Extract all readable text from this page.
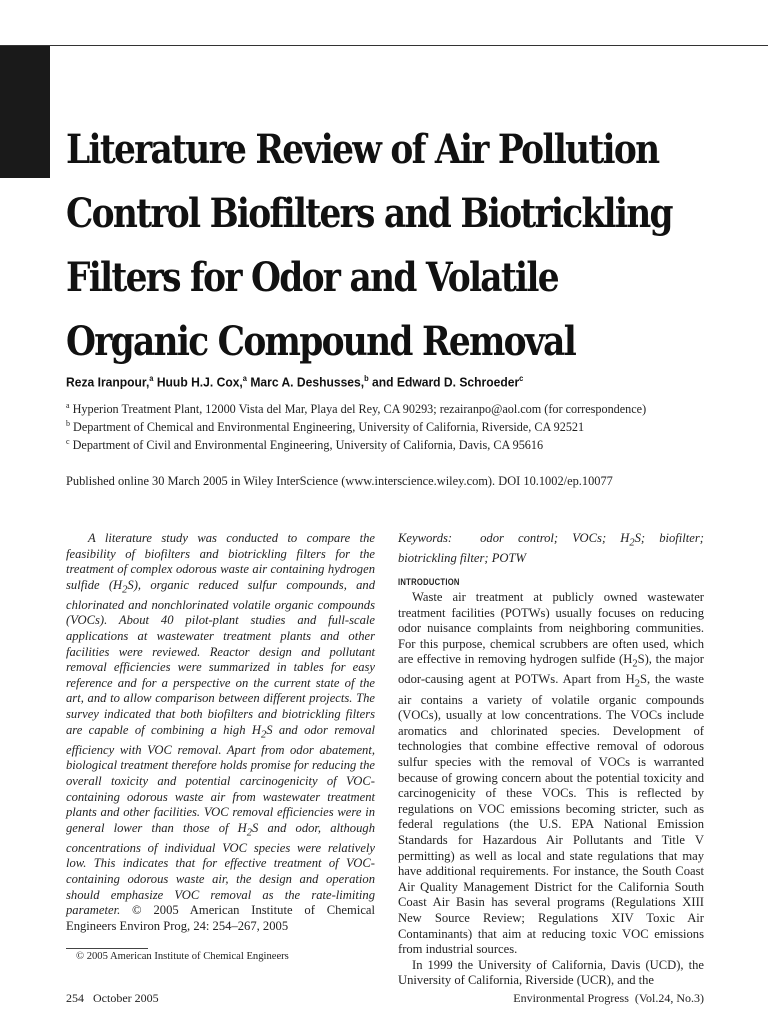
Literature Review of Air Pollution
Control Biofilters and Biotrickling
Filters for Odor and Volatile
Organic Compound Removal
Reza Iranpour,$^a$ Huub H.J. Cox,$^a$ Marc A. Deshusses,$^b$ and Edward D. Schroeder$^c$
$^a$ Hyperion Treatment Plant, 12000 Vista del Mar, Playa del Rey, CA 90293; rezairanpo@aol.com (for correspondence)
$^b$ Department of Chemical and Environmental Engineering, University of California, Riverside, CA 92521
$^c$ Department of Civil and Environmental Engineering, University of California, Davis, CA 95616
Published online 30 March 2005 in Wiley InterScience (www.interscience.wiley.com). DOI 10.1002/ep.10077

A literature study was conducted to compare the feasibility of biofilters and biotrickling filters for the treatment of complex odorous waste air containing hydrogen sulfide $(H_2S)$, organic reduced sulfur compounds, and chlorinated and nonchlorinated volatile organic compounds (VOCs). About 40 pilot-plant studies and full-scale applications at wastewater treatment plants and other facilities were reviewed. Reactor design and pollutant removal efficiencies were summarized in tables for easy reference and for a perspective on the current state of the art, and to allow comparison between different projects. The survey indicated that both biofilters and biotrickling filters are capable of combining a high $H_2S$ and odor removal efficiency with VOC removal. Apart from odor abatement, biological treatment therefore holds promise for reducing the overall toxicity and potential carcinogenicity of VOC-containing odorous waste air from wastewater treatment plants and other facilities. VOC removal efficiencies were in general lower than those of $H_2S$ and odor, although concentrations of individual VOC species were relatively low. This indicates that for effective treatment of VOC-containing odorous waste air, the design and operation should emphasize VOC removal as the rate-limiting parameter. © 2005 American Institute of Chemical Engineers Environ Prog, 24: 254–267, 2005

© 2005 American Institute of Chemical Engineers
Keywords: odor control; VOCs; $H_2S$; biofilter; biotrickling filter; POTW
INTRODUCTION

Waste air treatment at publicly owned wastewater treatment facilities (POTWs) usually focuses on reducing odor nuisance complaints from neighboring communities. For this purpose, chemical scrubbers are often used, which are effective in removing hydrogen sulfide $(H_2S)$, the major odor-causing agent at POTWs. Apart from $H_2S$, the waste air contains a variety of volatile organic compounds (VOCs), usually at low concentrations. The VOCs include aromatics and chlorinated species. Development of technologies that combine effective removal of odorous sulfur species with the removal of VOCs is warranted because of growing concern about the potential toxicity and carcinogenicity of these VOCs. This is reflected by regulations on VOC emissions becoming stricter, such as federal regulations (the U.S. EPA National Emission Standards for Hazardous Air Pollutants and Title V permitting) as well as local and state regulations that may have additional requirements. For instance, the South Coast Air Quality Management District for the California South Coast Air Basin has several programs (Regulations XIII New Source Review; Regulations XIV Toxic Air Contaminants) that aim at reducing toxic VOC emissions from industrial sources.

In 1999 the University of California, Davis (UCD), the University of California, Riverside (UCR), and the

254   October 2005	Environmental Progress  (Vol.24, No.3)
